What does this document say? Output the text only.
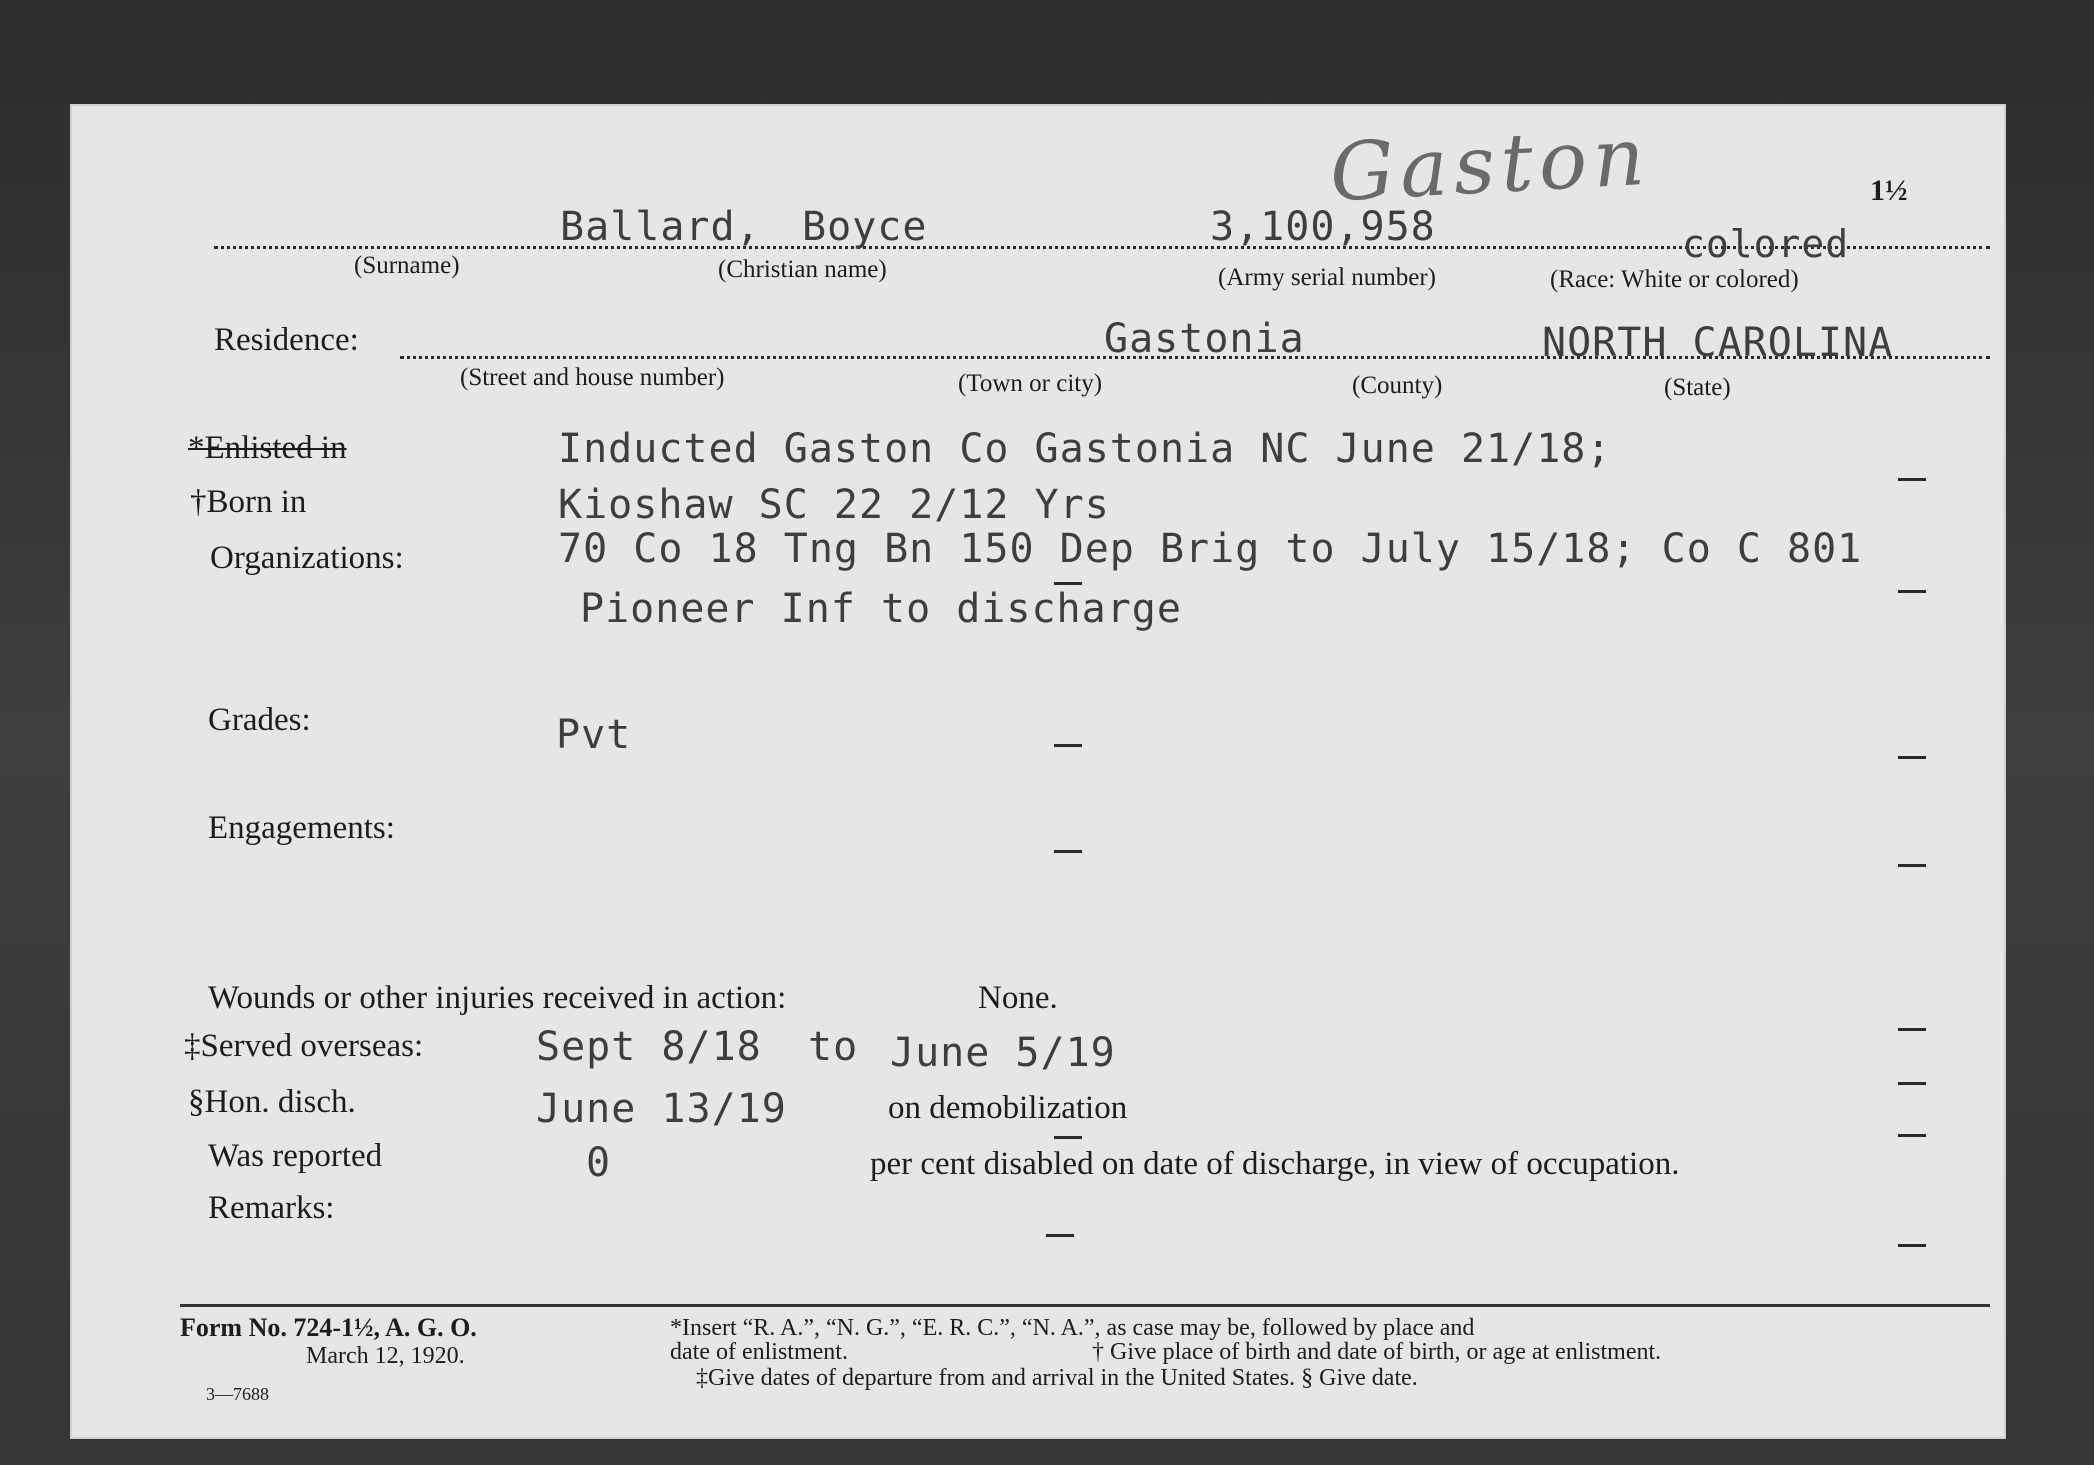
Gaston	1½
Ballard, Boyce	3,100,958	colored
(Surname)	(Christian name)	(Army serial number)	(Race: White or colored)
Residence:	Gastonia	NORTH CAROLINA
(Street and house number)	(Town or city)	(County)	(State)
*Enlisted in	Inducted Gaston Co Gastonia NC June 21/18;
†Born in	Kioshaw SC 22 2/12 Yrs
Organizations:	70 Co 18 Tng Bn 150 Dep Brig to July 15/18; Co C 801
Pioneer Inf to discharge
Grades:	Pvt
Engagements:
Wounds or other injuries received in action:	None.
‡Served overseas:	Sept 8/18 to June 5/19
§Hon. disch.	June 13/19	on demobilization
Was reported	0	per cent disabled on date of discharge, in view of occupation.
Remarks:
Form No. 724-1½, A. G. O.
March 12, 1920.
3—7688
*Insert “R. A.”, “N. G.”, “E. R. C.”, “N. A.”, as case may be, followed by place and
date of enlistment.	† Give place of birth and date of birth, or age at enlistment.
‡Give dates of departure from and arrival in the United States. § Give date.
